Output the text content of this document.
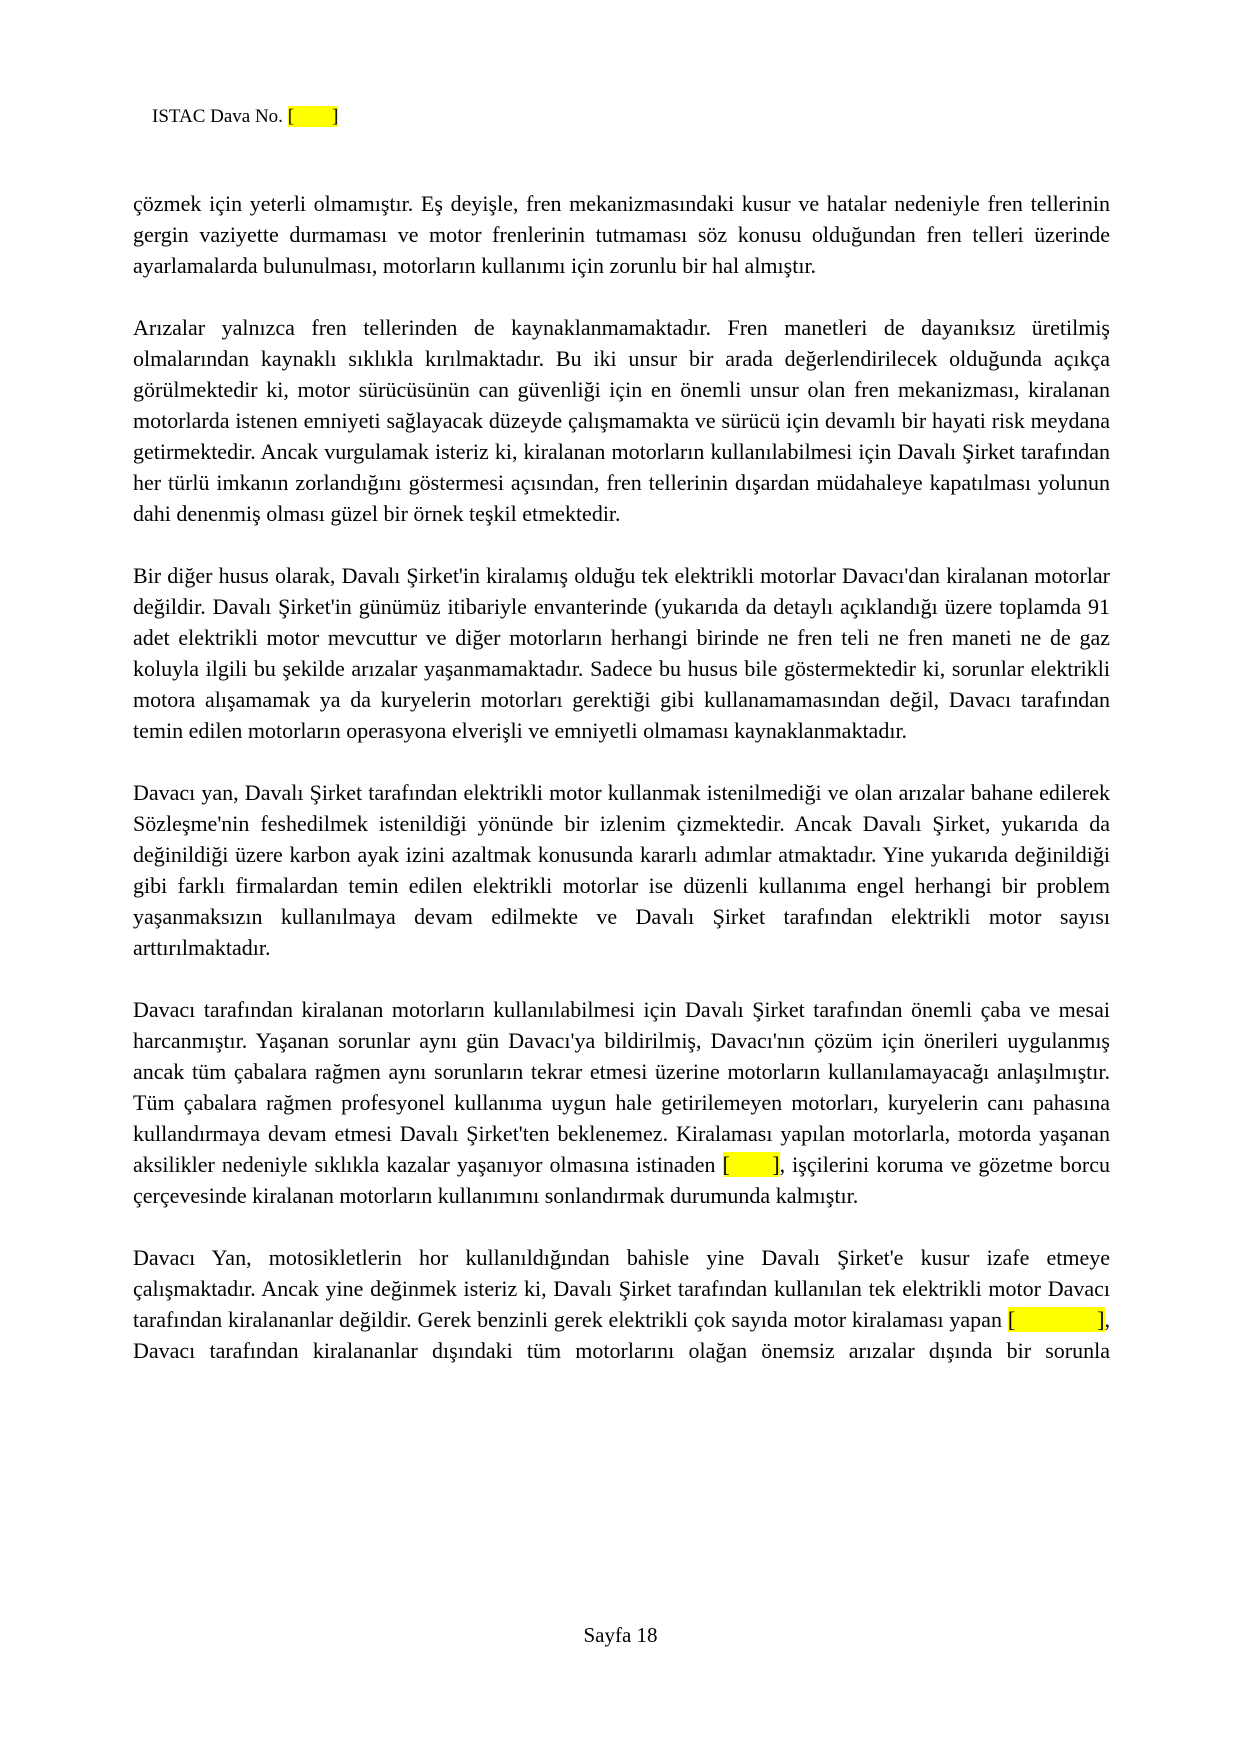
ISTAC Dava No. [        ]

çözmek için yeterli olmamıştır. Eş deyişle, fren mekanizmasındaki kusur ve hatalar nedeniyle fren tellerinin gergin vaziyette durmaması ve motor frenlerinin tutmaması söz konusu olduğundan fren telleri üzerinde ayarlamalarda bulunulması, motorların kullanımı için zorunlu bir hal almıştır.

Arızalar yalnızca fren tellerinden de kaynaklanmamaktadır. Fren manetleri de dayanıksız üretilmiş olmalarından kaynaklı sıklıkla kırılmaktadır. Bu iki unsur bir arada değerlendirilecek olduğunda açıkça görülmektedir ki, motor sürücüsünün can güvenliği için en önemli unsur olan fren mekanizması, kiralanan motorlarda istenen emniyeti sağlayacak düzeyde çalışmamakta ve sürücü için devamlı bir hayati risk meydana getirmektedir. Ancak vurgulamak isteriz ki, kiralanan motorların kullanılabilmesi için Davalı Şirket tarafından her türlü imkanın zorlandığını göstermesi açısından, fren tellerinin dışardan müdahaleye kapatılması yolunun dahi denenmiş olması güzel bir örnek teşkil etmektedir.

Bir diğer husus olarak, Davalı Şirket'in kiralamış olduğu tek elektrikli motorlar Davacı'dan kiralanan motorlar değildir. Davalı Şirket'in günümüz itibariyle envanterinde (yukarıda da detaylı açıklandığı üzere toplamda 91 adet elektrikli motor mevcuttur ve diğer motorların herhangi birinde ne fren teli ne fren maneti ne de gaz koluyla ilgili bu şekilde arızalar yaşanmamaktadır. Sadece bu husus bile göstermektedir ki, sorunlar elektrikli motora alışamamak ya da kuryelerin motorları gerektiği gibi kullanamamasından değil, Davacı tarafından temin edilen motorların operasyona elverişli ve emniyetli olmaması kaynaklanmaktadır.

Davacı yan, Davalı Şirket tarafından elektrikli motor kullanmak istenilmediği ve olan arızalar bahane edilerek Sözleşme'nin feshedilmek istenildiği yönünde bir izlenim çizmektedir. Ancak Davalı Şirket, yukarıda da değinildiği üzere karbon ayak izini azaltmak konusunda kararlı adımlar atmaktadır. Yine yukarıda değinildiği gibi farklı firmalardan temin edilen elektrikli motorlar ise düzenli kullanıma engel herhangi bir problem yaşanmaksızın kullanılmaya devam edilmekte ve Davalı Şirket tarafından elektrikli motor sayısı arttırılmaktadır.

Davacı tarafından kiralanan motorların kullanılabilmesi için Davalı Şirket tarafından önemli çaba ve mesai harcanmıştır. Yaşanan sorunlar aynı gün Davacı'ya bildirilmiş, Davacı'nın çözüm için önerileri uygulanmış ancak tüm çabalara rağmen aynı sorunların tekrar etmesi üzerine motorların kullanılamayacağı anlaşılmıştır. Tüm çabalara rağmen profesyonel kullanıma uygun hale getirilemeyen motorları, kuryelerin canı pahasına kullandırmaya devam etmesi Davalı Şirket'ten beklenemez. Kiralaması yapılan motorlarla, motorda yaşanan aksilikler nedeniyle sıklıkla kazalar yaşanıyor olmasına istinaden [      ], işçilerini koruma ve gözetme borcu çerçevesinde kiralanan motorların kullanımını sonlandırmak durumunda kalmıştır.

Davacı Yan, motosikletlerin hor kullanıldığından bahisle yine Davalı Şirket'e kusur izafe etmeye çalışmaktadır. Ancak yine değinmek isteriz ki, Davalı Şirket tarafından kullanılan tek elektrikli motor Davacı tarafından kiralananlar değildir. Gerek benzinli gerek elektrikli çok sayıda motor kiralaması yapan [              ], Davacı tarafından kiralananlar dışındaki tüm motorlarını olağan önemsiz arızalar dışında bir sorunla

Sayfa 18
